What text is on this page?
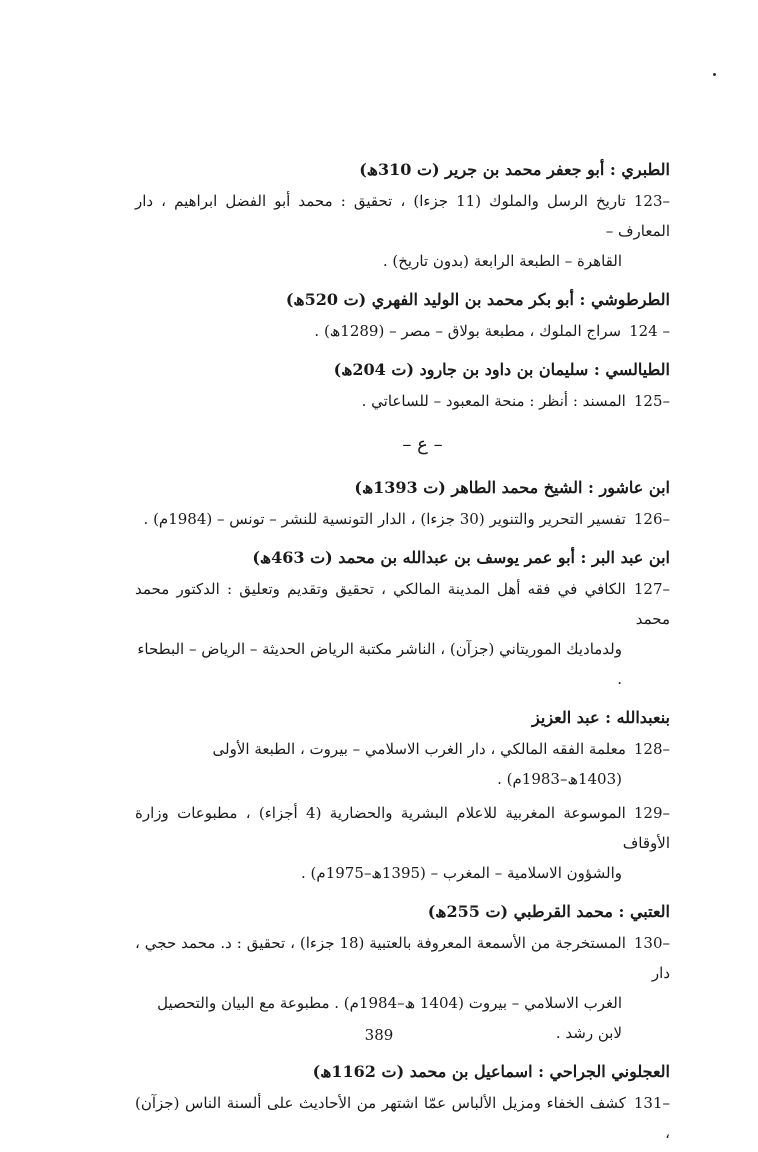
الطبري : أبو جعفر محمد بن جرير (ت 310ھ)
123–تاريخ الرسل والملوك (11 جزءا) ، تحقيق : محمد أبو الفضل ابراهيم ، دار المعارف –
القاهرة – الطبعة الرابعة (بدون تاريخ) .
الطرطوشي : أبو بكر محمد بن الوليد الفهري (ت 520ھ)
124 –سراج الملوك ، مطبعة بولاق – مصر – (1289ھ) .
الطيالسي : سليمان بن داود بن جارود (ت 204ھ)
125–المسند : أنظر : منحة المعبود – للساعاتي .
– ع –
ابن عاشور : الشيخ محمد الطاهر (ت 1393ھ)
126–تفسير التحرير والتنوير (30 جزءا) ، الدار التونسية للنشر – تونس – (1984م) .
ابن عبد البر : أبو عمر يوسف بن عبدالله بن محمد (ت 463ھ)
127–الكافي في فقه أهل المدينة المالكي ، تحقيق وتقديم وتعليق : الدكتور محمد محمد
ولدماديك الموريتاني (جزآن) ، الناشر مكتبة الرياض الحديثة – الرياض – البطحاء .
بنعبدالله : عبد العزيز
128–معلمة الفقه المالكي ، دار الغرب الاسلامي – بيروت ، الطبعة الأولى
(1403ھ–1983م) .
129–الموسوعة المغربية للاعلام البشرية والحضارية (4 أجزاء) ، مطبوعات وزارة الأوقاف
والشؤون الاسلامية – المغرب – (1395ھ–1975م) .
العتبي : محمد القرطبي (ت 255ھ)
130–المستخرجة من الأسمعة المعروفة بالعتبية (18 جزءا) ، تحقيق : د. محمد حجي ، دار
الغرب الاسلامي – بيروت (1404 ھ–1984م) . مطبوعة مع البيان والتحصيل لابن رشد .
العجلوني الجراحي : اسماعيل بن محمد (ت 1162ھ)
131–كشف الخفاء ومزيل الألباس عمّا اشتهر من الأحاديث على ألسنة الناس (جزآن) ،
389
